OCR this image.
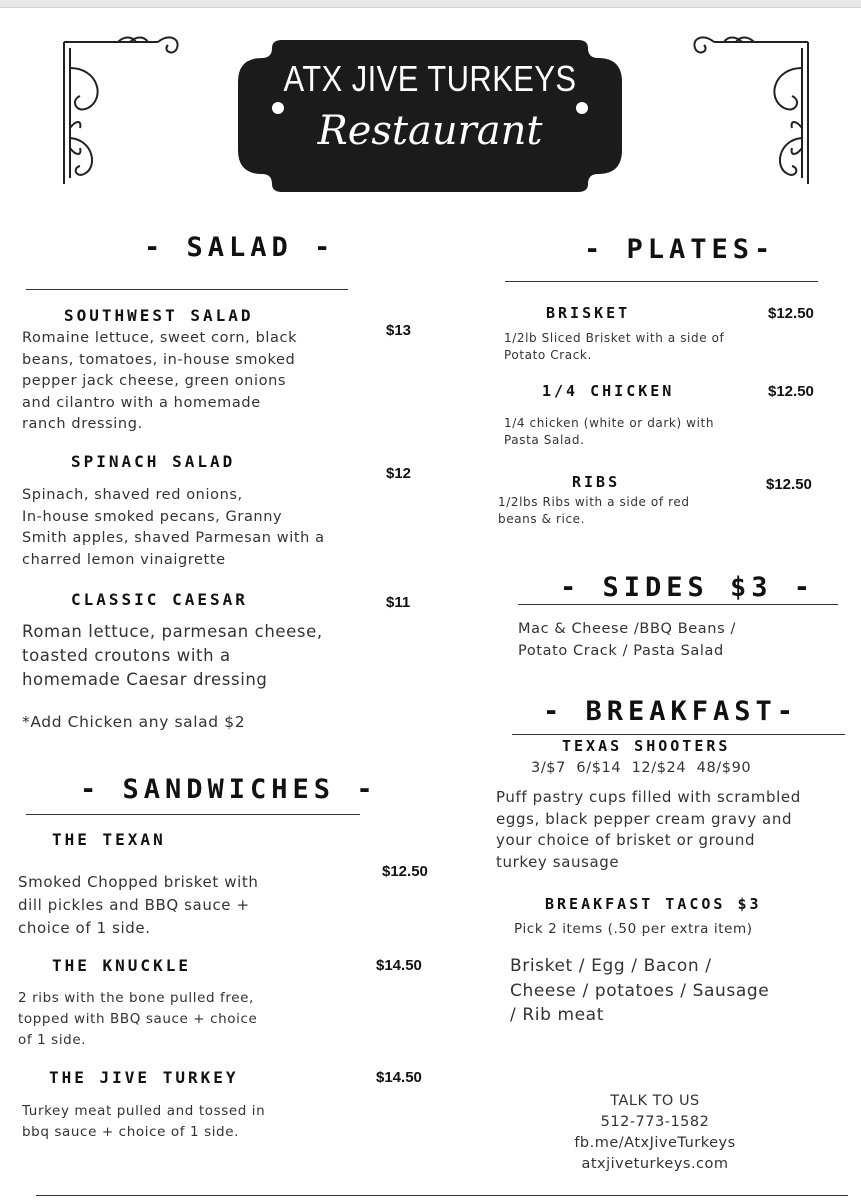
ATX JIVE TURKEYS
Restaurant
- SALAD -
SOUTHWEST SALAD
$13
Romaine lettuce, sweet corn, black
beans, tomatoes, in-house smoked
pepper jack cheese, green onions
and cilantro with a homemade
ranch dressing.
SPINACH SALAD
$12
Spinach, shaved red onions,
In-house smoked pecans, Granny
Smith apples, shaved Parmesan with a
charred lemon vinaigrette
CLASSIC CAESAR	$11
Roman lettuce, parmesan cheese,
toasted croutons with a
homemade Caesar dressing
*Add Chicken any salad $2
- SANDWICHES -
THE TEXAN
$12.50
Smoked Chopped brisket with
dill pickles and BBQ sauce +
choice of 1 side.
THE KNUCKLE	$14.50
2 ribs with the bone pulled free,
topped with BBQ sauce + choice
of 1 side.
THE JIVE TURKEY	$14.50
Turkey meat pulled and tossed in
bbq sauce + choice of 1 side.
- PLATES-
BRISKET	$12.50
1/2lb Sliced Brisket with a side of
Potato Crack.
1/4 CHICKEN	$12.50
1/4 chicken (white or dark) with
Pasta Salad.
RIBS	$12.50
1/2lbs Ribs with a side of red
beans & rice.
- SIDES $3 -
Mac & Cheese /BBQ Beans /
Potato Crack / Pasta Salad
- BREAKFAST-
TEXAS SHOOTERS
3/$7  6/$14  12/$24  48/$90
Puff pastry cups filled with scrambled
eggs, black pepper cream gravy and
your choice of brisket or ground
turkey sausage
BREAKFAST TACOS $3
Pick 2 items (.50 per extra item)
Brisket / Egg / Bacon /
Cheese / potatoes / Sausage
/ Rib meat
TALK TO US
512-773-1582
fb.me/AtxJiveTurkeys
atxjiveturkeys.com
